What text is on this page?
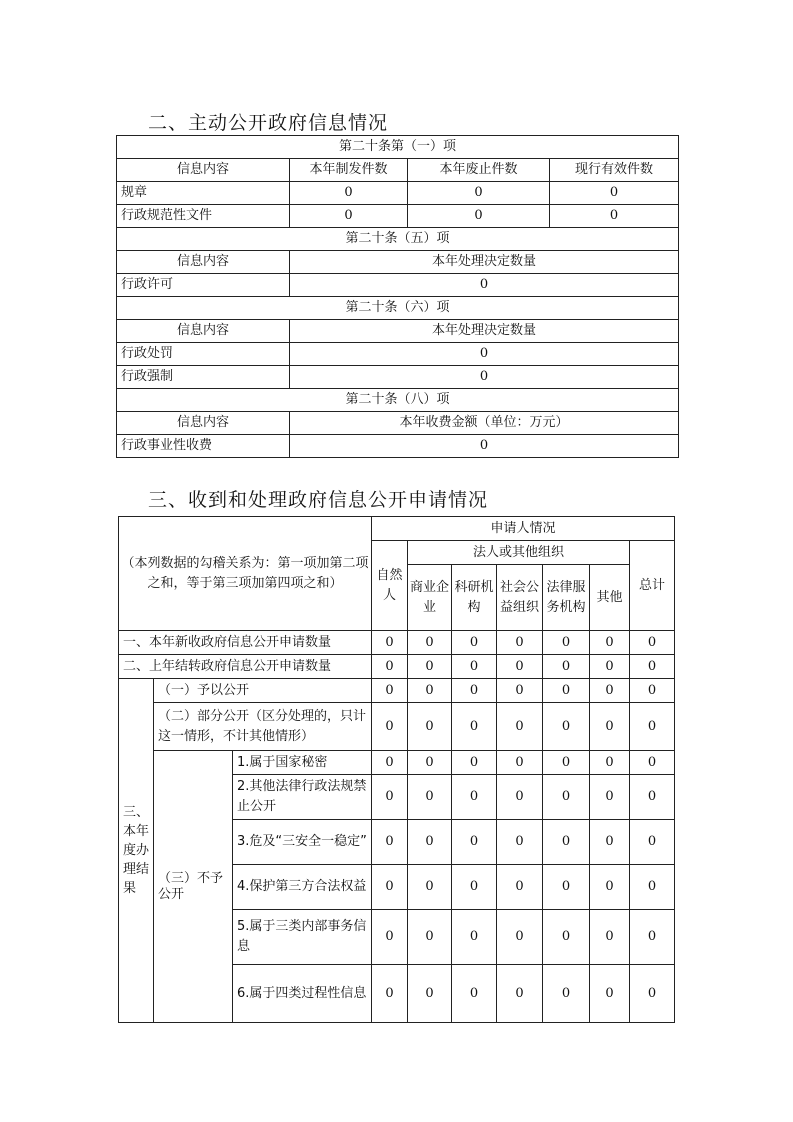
二、主动公开政府信息情况
第二十条第（一）项			
信息内容	本年制发件数	本年废止件数	现行有效件数
规章	0	0	0
行政规范性文件	0	0	0
第二十条（五）项			
信息内容	本年处理决定数量		
行政许可	0		
第二十条（六）项			
信息内容	本年处理决定数量		
行政处罚	0		
行政强制	0		
第二十条（八）项			
信息内容	本年收费金额（单位：万元）		
行政事业性收费	0		
三、收到和处理政府信息公开申请情况
（本列数据的勾稽关系为：第一项加第二项之和，等于第三项加第四项之和）			申请人情况						
			自然人	法人或其他组织					总计
				商业企业	科研机构	社会公益组织	法律服务机构	其他	
一、本年新收政府信息公开申请数量			0	0	0	0	0	0	0
二、上年结转政府信息公开申请数量			0	0	0	0	0	0	0
三、本年度办理结果	（一）予以公开		0	0	0	0	0	0	0
	（二）部分公开（区分处理的，只计这一情形，不计其他情形）		0	0	0	0	0	0	0
	（三）不予公开	1.属于国家秘密	0	0	0	0	0	0	0
		2.其他法律行政法规禁止公开	0	0	0	0	0	0	0
		3.危及“三安全一稳定”	0	0	0	0	0	0	0
		4.保护第三方合法权益	0	0	0	0	0	0	0
		5.属于三类内部事务信息	0	0	0	0	0	0	0
		6.属于四类过程性信息	0	0	0	0	0	0	0
